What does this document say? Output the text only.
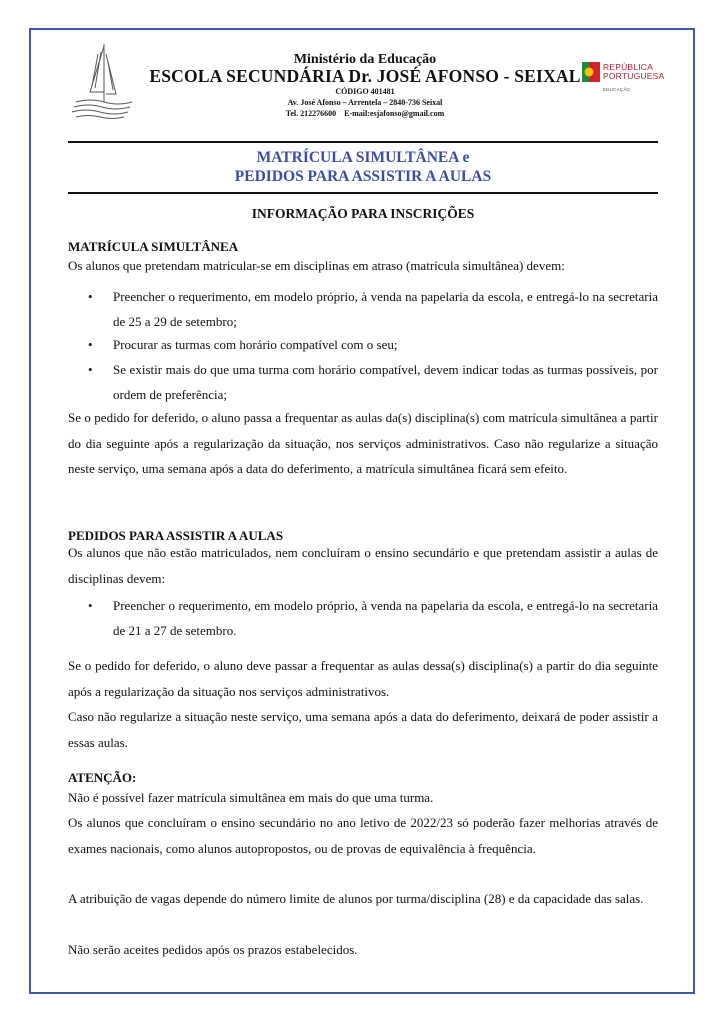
REPÚBLICA
PORTUGUESA
EDUCAÇÃO
Ministério da Educação
ESCOLA SECUNDÁRIA Dr. JOSÉ AFONSO - SEIXAL
CÓDIGO 401481
Av. José Afonso – Arrentela – 2840-736 Seixal
Tel. 212276600    E-mail:esjafonso@gmail.com
MATRÍCULA SIMULTÂNEA e
PEDIDOS PARA ASSISTIR A AULAS
INFORMAÇÃO PARA INSCRIÇÕES
MATRÍCULA SIMULTÂNEA
Os alunos que pretendam matricular-se em disciplinas em atraso (matrícula simultânea) devem:
• Preencher o requerimento, em modelo próprio, à venda na papelaria da escola, e entregá-lo na secretaria de 25 a 29 de setembro;
• Procurar as turmas com horário compatível com o seu;
• Se existir mais do que uma turma com horário compatível, devem indicar todas as turmas possíveis, por ordem de preferência;
Se o pedido for deferido, o aluno passa a frequentar as aulas da(s) disciplina(s) com matrícula simultânea a partir do dia seguinte após a regularização da situação, nos serviços administrativos. Caso não regularize a situação neste serviço, uma semana após a data do deferimento, a matrícula simultânea ficará sem efeito.
PEDIDOS PARA ASSISTIR A AULAS
Os alunos que não estão matriculados, nem concluíram o ensino secundário e que pretendam assistir a aulas de disciplinas devem:
• Preencher o requerimento, em modelo próprio, à venda na papelaria da escola, e entregá-lo na secretaria de 21 a 27 de setembro.
Se o pedido for deferido, o aluno deve passar a frequentar as aulas dessa(s) disciplina(s) a partir do dia seguinte após a regularização da situação nos serviços administrativos.
Caso não regularize a situação neste serviço, uma semana após a data do deferimento, deixará de poder assistir a essas aulas.
ATENÇÃO:
Não é possível fazer matrícula simultânea em mais do que uma turma.
Os alunos que concluíram o ensino secundário no ano letivo de 2022/23 só poderão fazer melhorias através de exames nacionais, como alunos autopropostos, ou de provas de equivalência à frequência.
A atribuição de vagas depende do número limite de alunos por turma/disciplina (28) e da capacidade das salas.
Não serão aceites pedidos após os prazos estabelecidos.
